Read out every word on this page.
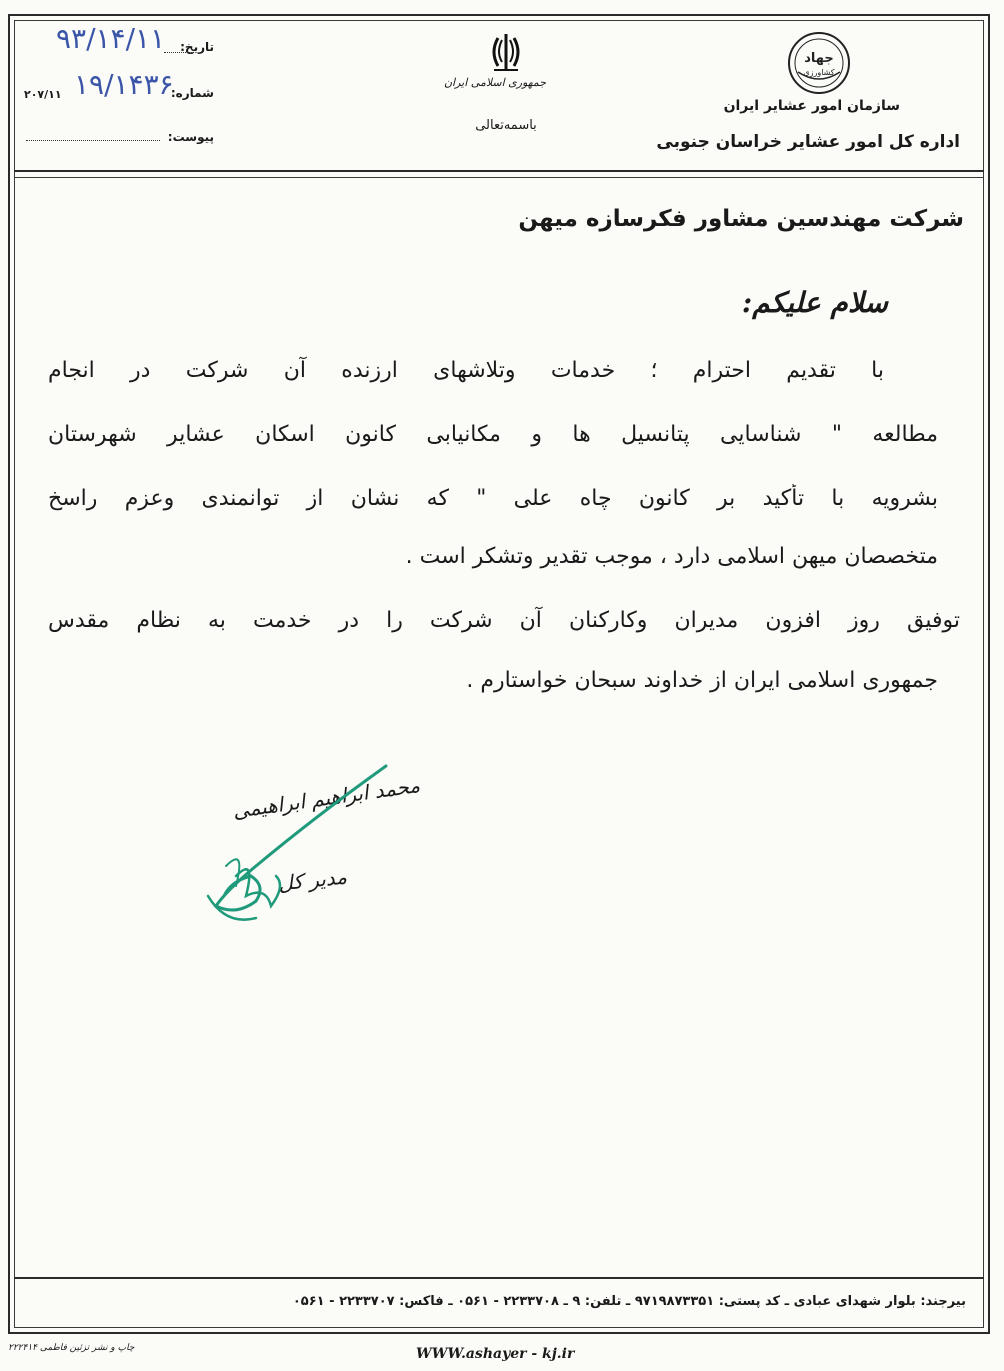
جهاد
کشاورزی
سازمان امور عشایر ایران
اداره کل امور عشایر خراسان جنوبی
جمهوری اسلامی ایران
باسمه‌تعالی
تاریخ:
۹۳/۱۴/۱۱
شماره:
۱۹/۱۴۳۶
۲۰۷/۱۱
پیوست:
شرکت مهندسین مشاور فکرسازه میهن
سلام علیکم:
با تقدیم احترام ؛ خدمات وتلاشهای ارزنده آن شرکت در انجام
مطالعه " شناسایی پتانسیل ها و مکانیابی کانون اسکان عشایر شهرستان
بشرویه با تأکید بر کانون چاه علی " که نشان از توانمندی وعزم راسخ
متخصصان میهن اسلامی دارد ، موجب تقدیر وتشکر است .
توفیق روز افزون مدیران وکارکنان آن شرکت را در خدمت به نظام مقدس
جمهوری اسلامی ایران از خداوند سبحان خواستارم .
محمد ابراهیم ابراهیمی
مدیر کل
بیرجند: بلوار شهدای عبادی ـ کد پستی: ۹۷۱۹۸۷۳۳۵۱ ـ تلفن: ۹ ـ ۲۲۳۳۷۰۸ - ۰۵۶۱ ـ فاکس: ۲۲۳۳۷۰۷ - ۰۵۶۱
چاپ و نشر تزئین فاطمی ۲۲۲۴۱۴	WWW.ashayer - kj.ir
